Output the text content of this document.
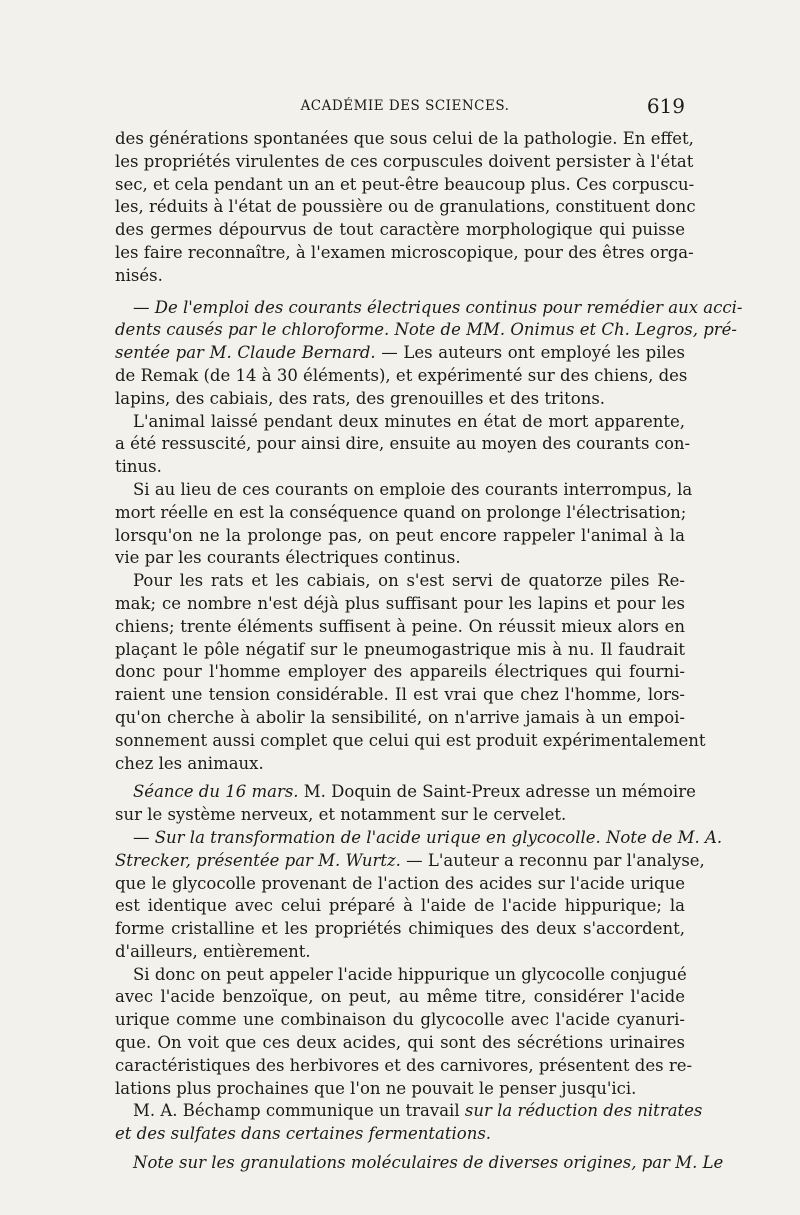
ACADÉMIE DES SCIENCES.	619
des générations spontanées que sous celui de la pathologie. En effet,
les propriétés virulentes de ces corpuscules doivent persister à l'état
sec, et cela pendant un an et peut-être beaucoup plus. Ces corpuscu-
les, réduits à l'état de poussière ou de granulations, constituent donc
des germes dépourvus de tout caractère morphologique qui puisse
les faire reconnaître, à l'examen microscopique, pour des êtres orga-
nisés.
— De l'emploi des courants électriques continus pour remédier aux acci-
dents causés par le chloroforme. Note de MM. Onimus et Ch. Legros, pré-
sentée par M. Claude Bernard. — Les auteurs ont employé les piles
de Remak (de 14 à 30 éléments), et expérimenté sur des chiens, des
lapins, des cabiais, des rats, des grenouilles et des tritons.
L'animal laissé pendant deux minutes en état de mort apparente,
a été ressuscité, pour ainsi dire, ensuite au moyen des courants con-
tinus.
Si au lieu de ces courants on emploie des courants interrompus, la
mort réelle en est la conséquence quand on prolonge l'électrisation;
lorsqu'on ne la prolonge pas, on peut encore rappeler l'animal à la
vie par les courants électriques continus.
Pour les rats et les cabiais, on s'est servi de quatorze piles Re-
mak; ce nombre n'est déjà plus suffisant pour les lapins et pour les
chiens; trente éléments suffisent à peine. On réussit mieux alors en
plaçant le pôle négatif sur le pneumogastrique mis à nu. Il faudrait
donc pour l'homme employer des appareils électriques qui fourni-
raient une tension considérable. Il est vrai que chez l'homme, lors-
qu'on cherche à abolir la sensibilité, on n'arrive jamais à un empoi-
sonnement aussi complet que celui qui est produit expérimentalement
chez les animaux.
Séance du 16 mars. M. Doquin de Saint-Preux adresse un mémoire
sur le système nerveux, et notamment sur le cervelet.
— Sur la transformation de l'acide urique en glycocolle. Note de M. A.
Strecker, présentée par M. Wurtz. — L'auteur a reconnu par l'analyse,
que le glycocolle provenant de l'action des acides sur l'acide urique
est identique avec celui préparé à l'aide de l'acide hippurique; la
forme cristalline et les propriétés chimiques des deux s'accordent,
d'ailleurs, entièrement.
Si donc on peut appeler l'acide hippurique un glycocolle conjugué
avec l'acide benzoïque, on peut, au même titre, considérer l'acide
urique comme une combinaison du glycocolle avec l'acide cyanuri-
que. On voit que ces deux acides, qui sont des sécrétions urinaires
caractéristiques des herbivores et des carnivores, présentent des re-
lations plus prochaines que l'on ne pouvait le penser jusqu'ici.
M. A. Béchamp communique un travail sur la réduction des nitrates
et des sulfates dans certaines fermentations.
Note sur les granulations moléculaires de diverses origines, par M. Le
